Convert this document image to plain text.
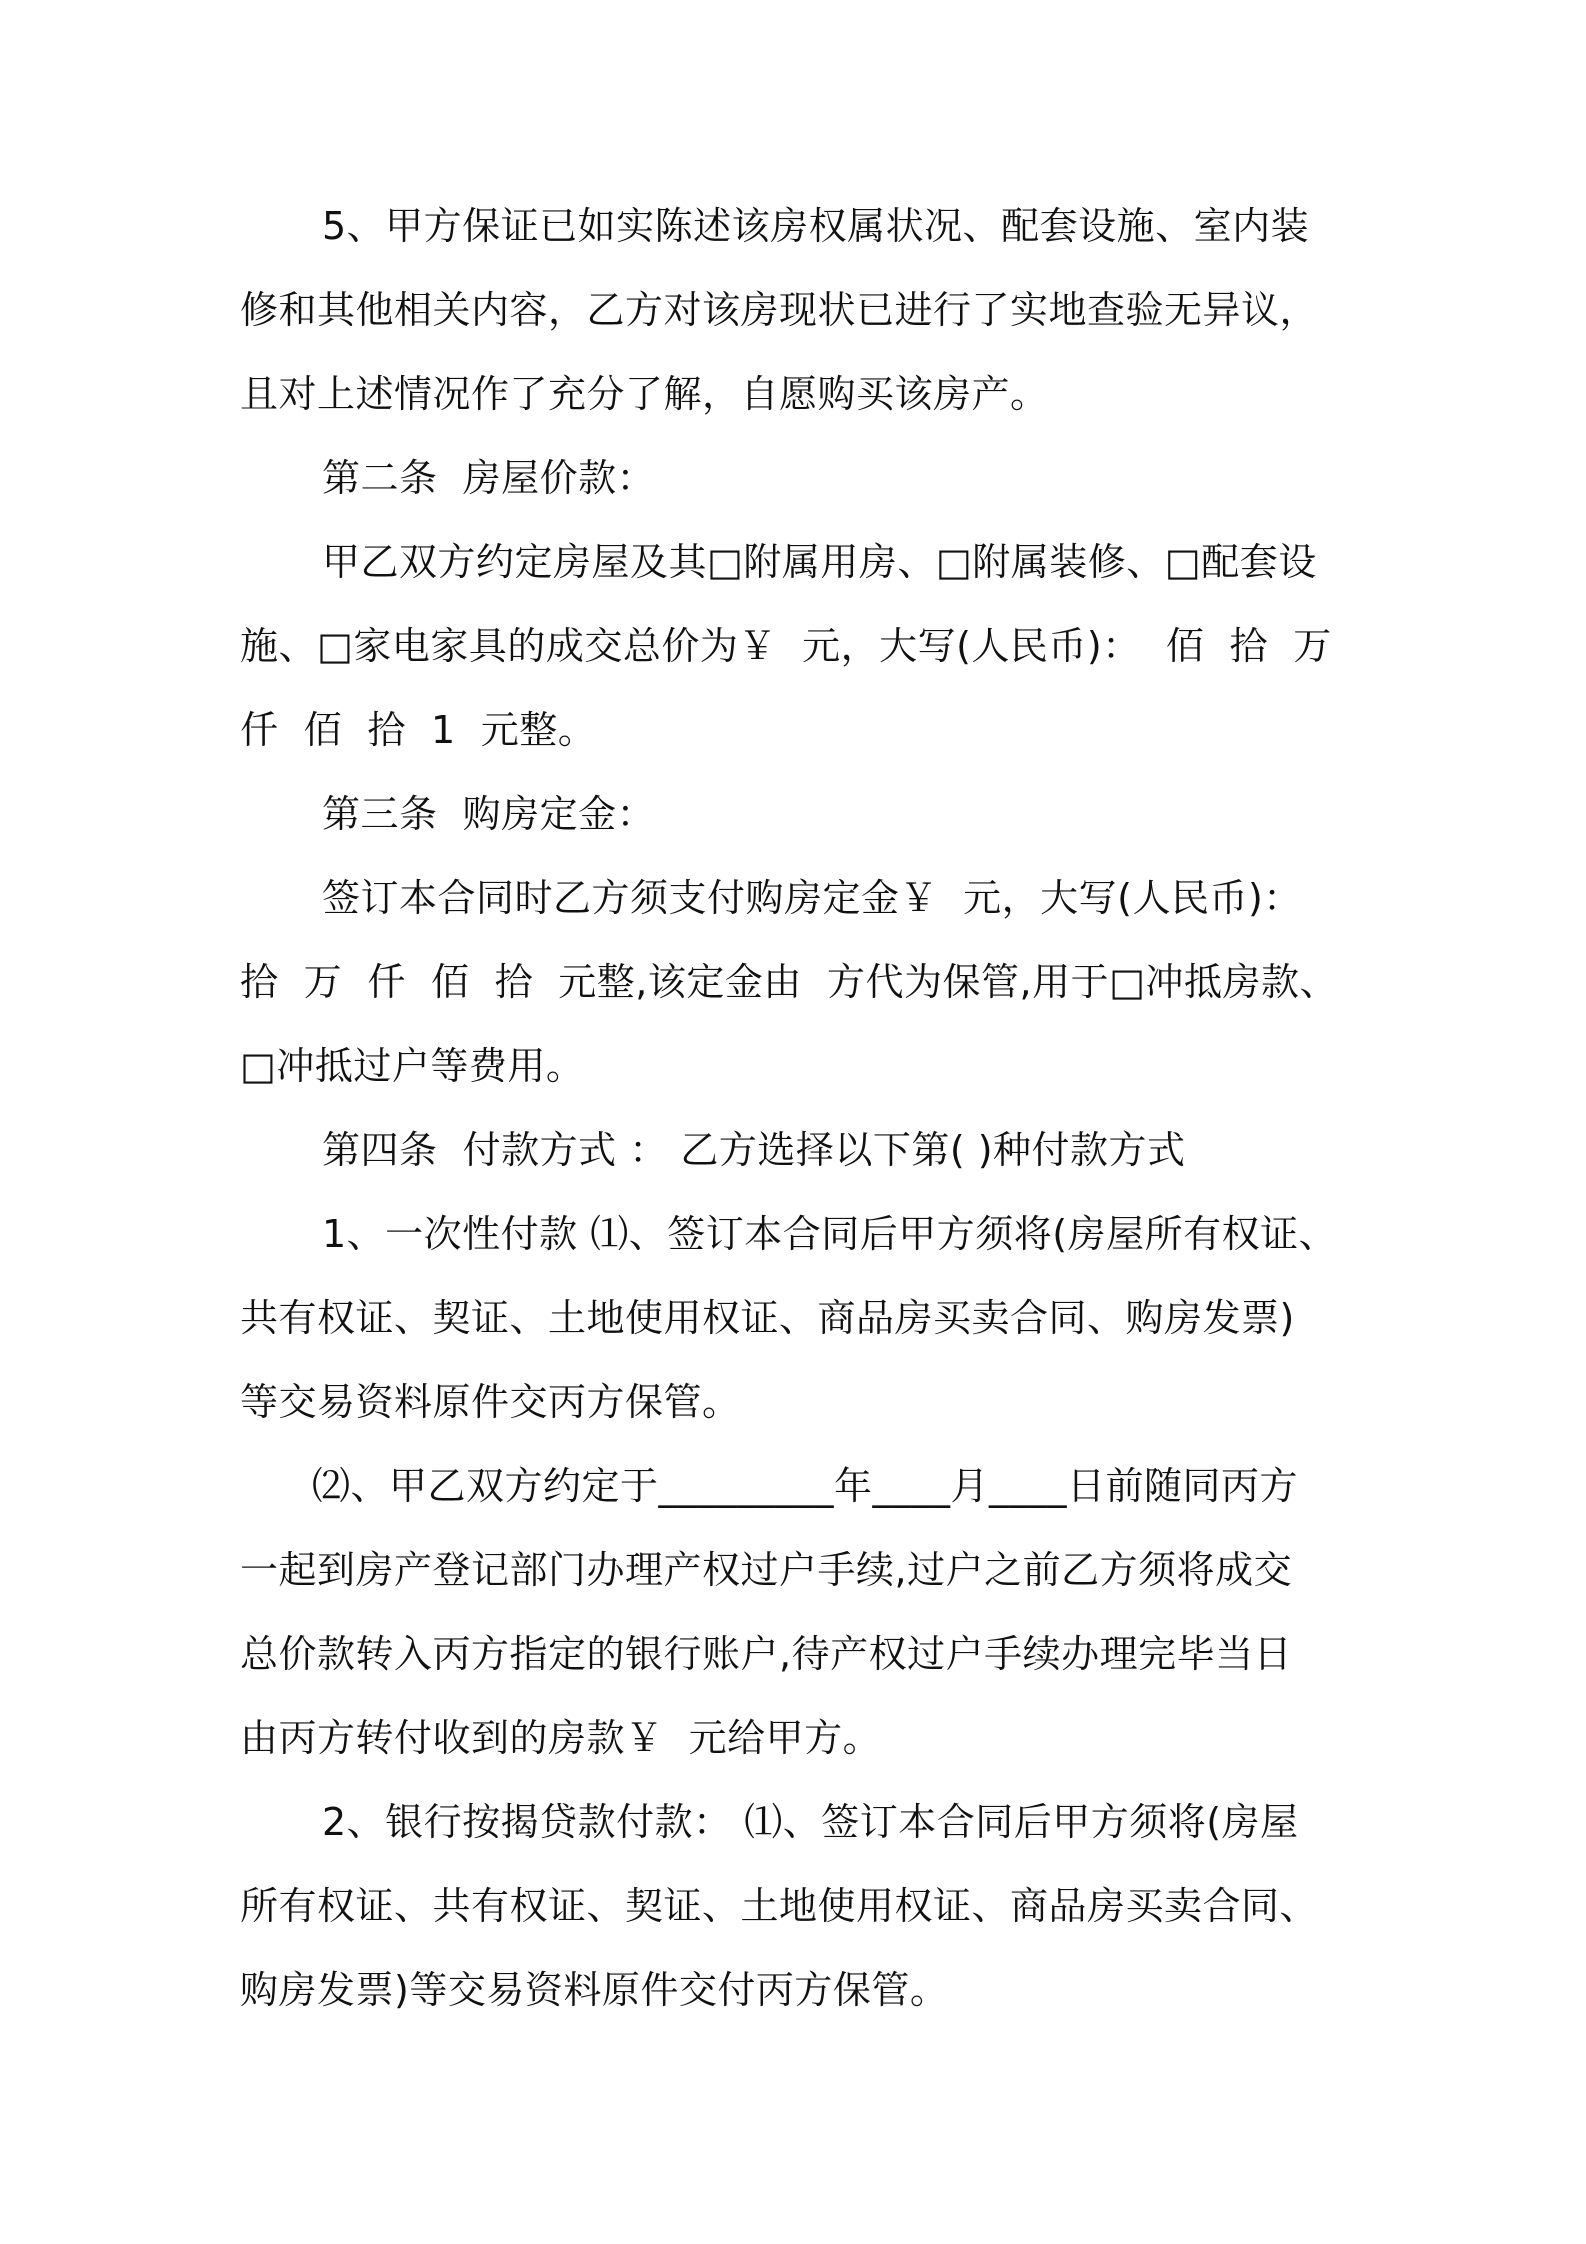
5、甲方保证已如实陈述该房权属状况、配套设施、室内装
修和其他相关内容，乙方对该房现状已进行了实地查验无异议，
且对上述情况作了充分了解，自愿购买该房产。
第二条  房屋价款：
甲乙双方约定房屋及其□附属用房、□附属装修、□配套设
施、□家电家具的成交总价为￥  元，大写(人民币)：  佰  拾  万
仟  佰  拾  1  元整。
第三条  购房定金：
签订本合同时乙方须支付购房定金￥  元，大写(人民币)：
拾  万  仟  佰  拾  元整,该定金由  方代为保管,用于□冲抵房款、
□冲抵过户等费用。
第四条  付款方式 ： 乙方选择以下第( )种付款方式
1、一次性付款 ⑴、签订本合同后甲方须将(房屋所有权证、
共有权证、契证、土地使用权证、商品房买卖合同、购房发票)
等交易资料原件交丙方保管。
⑵、甲乙双方约定于_________年____月____日前随同丙方
一起到房产登记部门办理产权过户手续,过户之前乙方须将成交
总价款转入丙方指定的银行账户,待产权过户手续办理完毕当日
由丙方转付收到的房款￥  元给甲方。
2、银行按揭贷款付款： ⑴、签订本合同后甲方须将(房屋
所有权证、共有权证、契证、土地使用权证、商品房买卖合同、
购房发票)等交易资料原件交付丙方保管。
